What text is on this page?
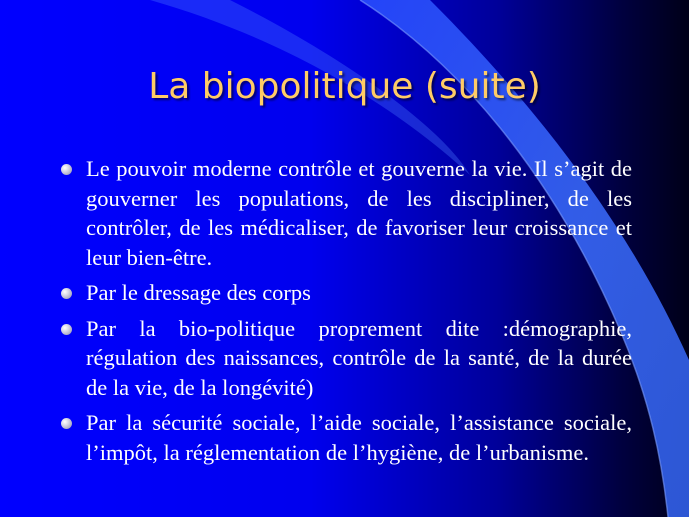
La biopolitique (suite)
Le pouvoir moderne contrôle et gouverne la vie. Il s’agit de gouverner les populations, de les discipliner, de les contrôler, de les médicaliser, de favoriser leur croissance et leur bien-être.
Par le dressage des corps
Par la bio-politique proprement dite :démographie, régulation des naissances, contrôle de la santé, de la durée de la vie, de la longévité)
Par la sécurité sociale, l’aide sociale, l’assistance sociale, l’impôt, la réglementation de l’hygiène, de l’urbanisme.
